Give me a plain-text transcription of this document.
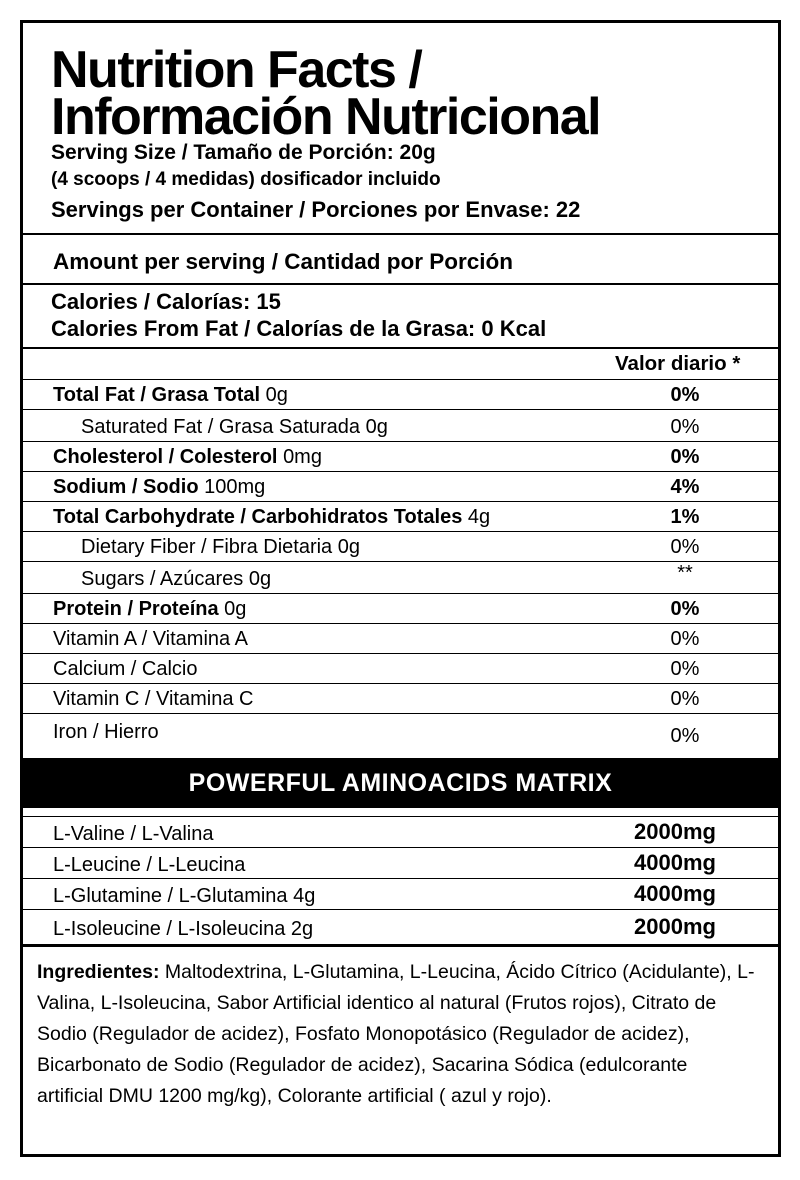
Nutrition Facts /
Información Nutricional
Serving Size / Tamaño de Porción: 20g
(4 scoops / 4 medidas) dosificador incluido
Servings per Container / Porciones por Envase: 22
Amount per serving / Cantidad por Porción
Calories / Calorías: 15
Calories From Fat / Calorías de la Grasa: 0 Kcal
Valor diario *
Total Fat / Grasa Total 0g	0%
Saturated Fat / Grasa Saturada 0g	0%
Cholesterol / Colesterol 0mg	0%
Sodium / Sodio 100mg	4%
Total Carbohydrate / Carbohidratos Totales 4g	1%
Dietary Fiber / Fibra Dietaria 0g	0%
Sugars / Azúcares 0g	**
Protein / Proteína 0g	0%
Vitamin A / Vitamina A	0%
Calcium / Calcio	0%
Vitamin C / Vitamina C	0%
Iron / Hierro	0%
POWERFUL AMINOACIDS MATRIX
L-Valine / L-Valina	2000mg
L-Leucine / L-Leucina	4000mg
L-Glutamine / L-Glutamina 4g	4000mg
L-Isoleucine / L-Isoleucina 2g	2000mg
Ingredientes: Maltodextrina, L-Glutamina, L-Leucina, Ácido Cítrico (Acidulante), L-Valina, L-Isoleucina, Sabor Artificial identico al natural (Frutos rojos), Citrato de Sodio (Regulador de acidez), Fosfato Monopotásico (Regulador de acidez), Bicarbonato de Sodio (Regulador de acidez), Sacarina Sódica (edulcorante artificial DMU 1200 mg/kg), Colorante artificial ( azul y rojo).
